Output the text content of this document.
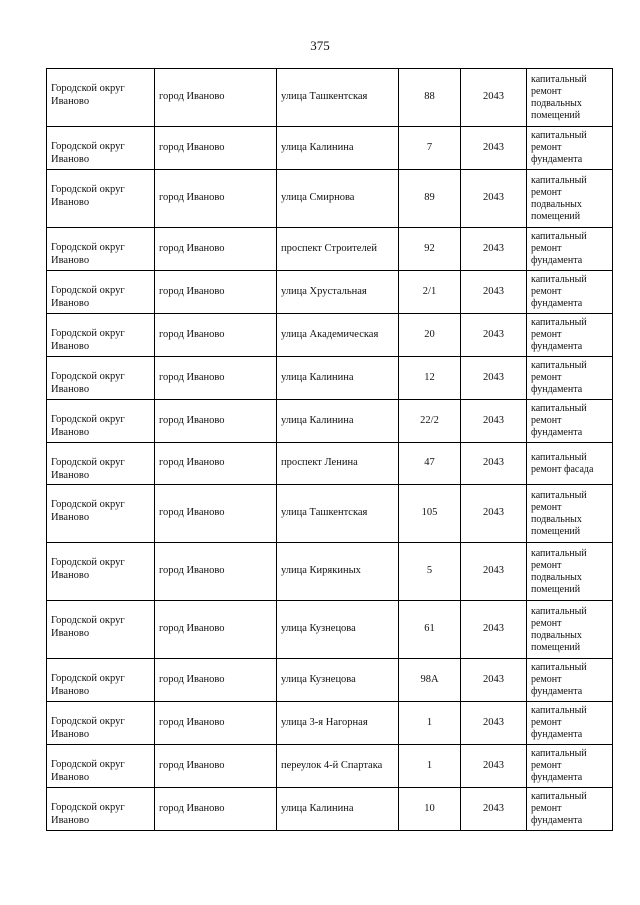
375
Городской округ Иваново	город Иваново	улица Ташкентская	88	2043	капитальный ремонт подвальных помещений
Городской округ Иваново	город Иваново	улица Калинина	7	2043	капитальный ремонт фундамента
Городской округ Иваново	город Иваново	улица Смирнова	89	2043	капитальный ремонт подвальных помещений
Городской округ Иваново	город Иваново	проспект Строителей	92	2043	капитальный ремонт фундамента
Городской округ Иваново	город Иваново	улица Хрустальная	2/1	2043	капитальный ремонт фундамента
Городской округ Иваново	город Иваново	улица Академическая	20	2043	капитальный ремонт фундамента
Городской округ Иваново	город Иваново	улица Калинина	12	2043	капитальный ремонт фундамента
Городской округ Иваново	город Иваново	улица Калинина	22/2	2043	капитальный ремонт фундамента
Городской округ Иваново	город Иваново	проспект Ленина	47	2043	капитальный ремонт фасада
Городской округ Иваново	город Иваново	улица Ташкентская	105	2043	капитальный ремонт подвальных помещений
Городской округ Иваново	город Иваново	улица Кирякиных	5	2043	капитальный ремонт подвальных помещений
Городской округ Иваново	город Иваново	улица Кузнецова	61	2043	капитальный ремонт подвальных помещений
Городской округ Иваново	город Иваново	улица Кузнецова	98А	2043	капитальный ремонт фундамента
Городской округ Иваново	город Иваново	улица 3-я Нагорная	1	2043	капитальный ремонт фундамента
Городской округ Иваново	город Иваново	переулок 4-й Спартака	1	2043	капитальный ремонт фундамента
Городской округ Иваново	город Иваново	улица Калинина	10	2043	капитальный ремонт фундамента
